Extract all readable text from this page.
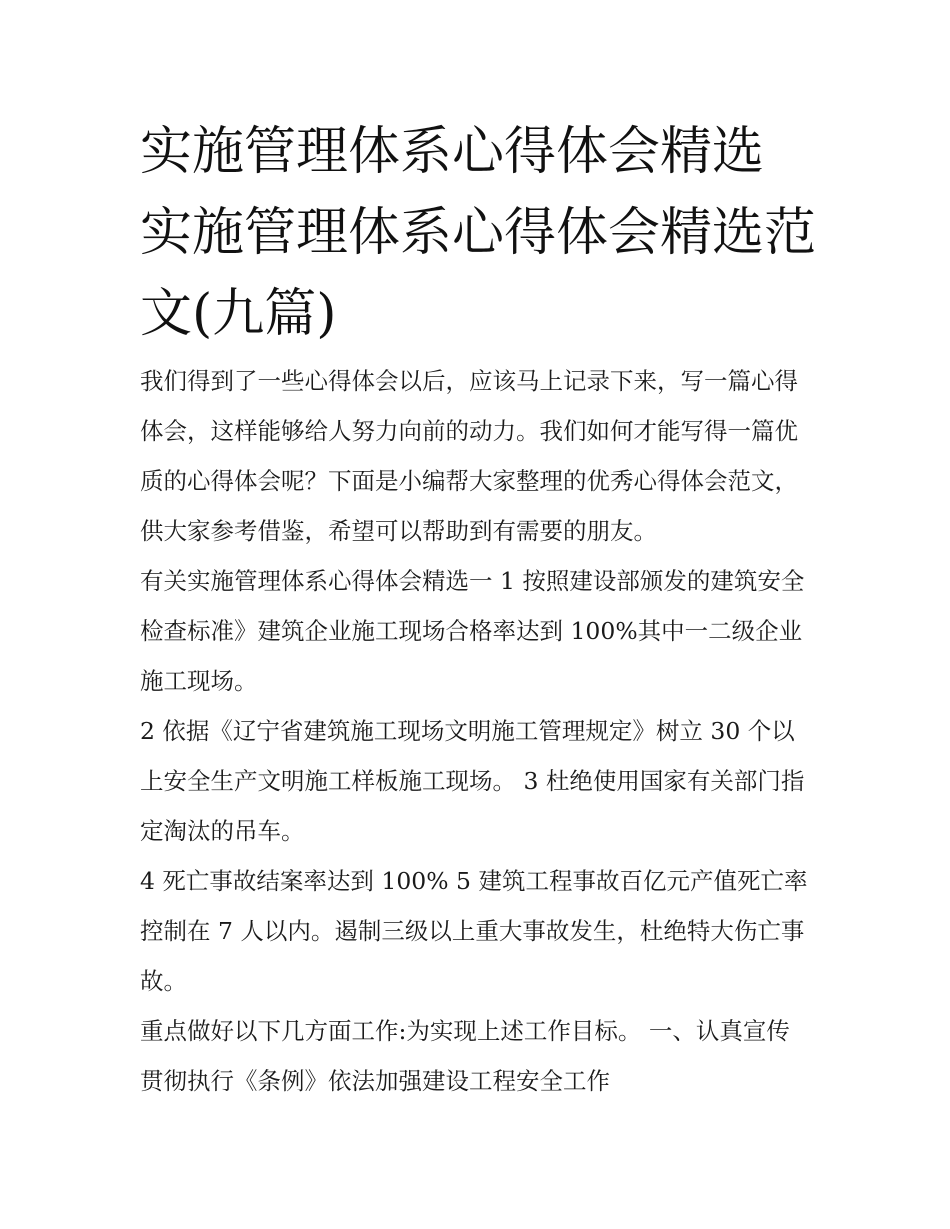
实施管理体系心得体会精选 实施管理体系心得体会精选范文(九篇)

我们得到了一些心得体会以后，应该马上记录下来，写一篇心得体会，这样能够给人努力向前的动力。我们如何才能写得一篇优质的心得体会呢？下面是小编帮大家整理的优秀心得体会范文，供大家参考借鉴，希望可以帮助到有需要的朋友。

有关实施管理体系心得体会精选一 1 按照建设部颁发的建筑安全检查标准》建筑企业施工现场合格率达到 100%其中一二级企业施工现场。

2 依据《辽宁省建筑施工现场文明施工管理规定》树立 30 个以上安全生产文明施工样板施工现场。 3 杜绝使用国家有关部门指定淘汰的吊车。

4 死亡事故结案率达到 100% 5 建筑工程事故百亿元产值死亡率控制在 7 人以内。遏制三级以上重大事故发生，杜绝特大伤亡事故。

重点做好以下几方面工作:为实现上述工作目标。 一、认真宣传贯彻执行《条例》依法加强建设工程安全工作
